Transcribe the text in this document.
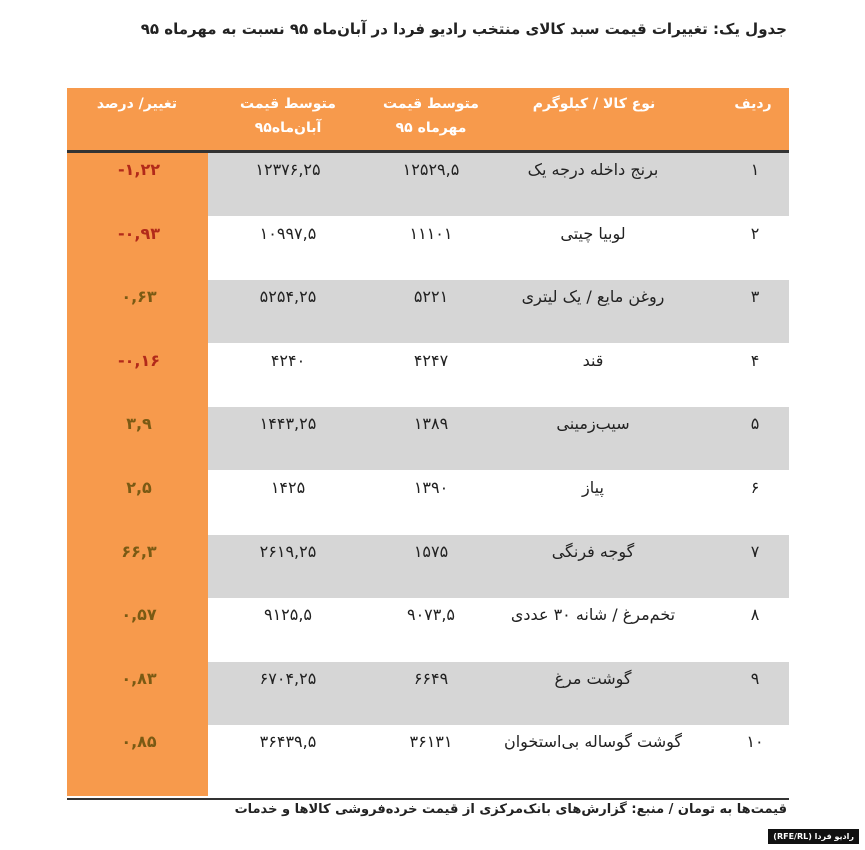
جدول یک: تغییرات قیمت سبد کالای منتخب رادیو فردا در آبان‌ماه ۹۵ نسبت به مهرماه ۹۵
ردیف
نوع کالا / کیلوگرم
متوسط قیمت
مهرماه ۹۵
متوسط قیمت
آبان‌ماه۹۵
تغییر/ درصد
۱
برنج داخله درجه یک
۱۲۵۲۹,۵
۱۲۳۷۶,۲۵
-۱,۲۲
۲
لوبیا چیتی
۱۱۱۰۱
۱۰۹۹۷,۵
-۰,۹۳
۳
روغن مایع / یک لیتری
۵۲۲۱
۵۲۵۴,۲۵
۰,۶۳
۴
قند
۴۲۴۷
۴۲۴۰
-۰,۱۶
۵
سیب‌زمینی
۱۳۸۹
۱۴۴۳,۲۵
۳,۹
۶
پیاز
۱۳۹۰
۱۴۲۵
۲,۵
۷
گوجه فرنگی
۱۵۷۵
۲۶۱۹,۲۵
۶۶,۳
۸
تخم‌مرغ / شانه ۳۰ عددی
۹۰۷۳,۵
۹۱۲۵,۵
۰,۵۷
۹
گوشت مرغ
۶۶۴۹
۶۷۰۴,۲۵
۰,۸۳
۱۰
گوشت گوساله بی‌استخوان
۳۶۱۳۱
۳۶۴۳۹,۵
۰,۸۵
قیمت‌ها به تومان / منبع: گزارش‌های بانک‌مرکزی از قیمت خرده‌فروشی کالاها و خدمات
(RFE/RL) رادیو فردا
